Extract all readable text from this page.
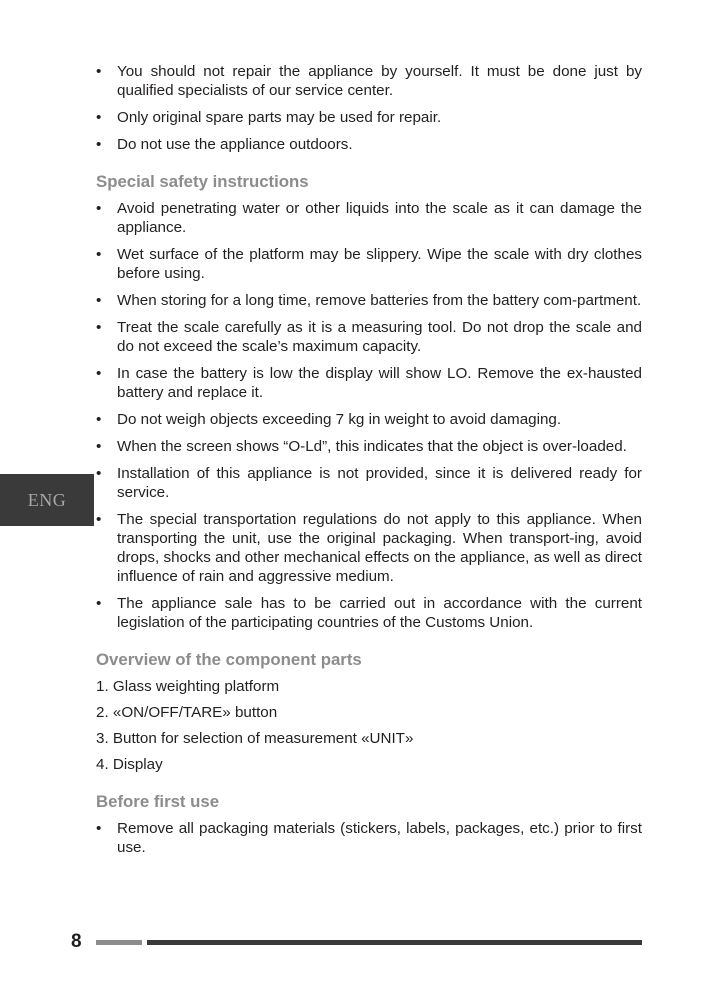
ENG
• You should not repair the appliance by yourself. It must be done just by qualified specialists of our service center.
• Only original spare parts may be used for repair.
• Do not use the appliance outdoors.
Special safety instructions
• Avoid penetrating water or other liquids into the scale as it can damage the appliance.
• Wet surface of the platform may be slippery. Wipe the scale with dry clothes before using.
• When storing for a long time, remove batteries from the battery com-partment.
• Treat the scale carefully as it is a measuring tool. Do not drop the scale and do not exceed the scale’s maximum capacity.
• In case the battery is low the display will show LO. Remove the ex-hausted battery and replace it.
• Do not weigh objects exceeding 7 kg in weight to avoid damaging.
• When the screen shows “O-Ld”, this indicates that the object is over-loaded.
• Installation of this appliance is not provided, since it is delivered ready for service.
• The special transportation regulations do not apply to this appliance. When transporting the unit, use the original packaging. When transport-ing, avoid drops, shocks and other mechanical effects on the appliance, as well as direct influence of rain and aggressive medium.
• The appliance sale has to be carried out in accordance with the current legislation of the participating countries of the Customs Union.
Overview of the component parts
1. Glass weighting platform
2. «ON/OFF/TARE» button
3. Button for selection of measurement «UNIT»
4. Display
Before first use
• Remove all packaging materials (stickers, labels, packages, etc.) prior to first use.
8
